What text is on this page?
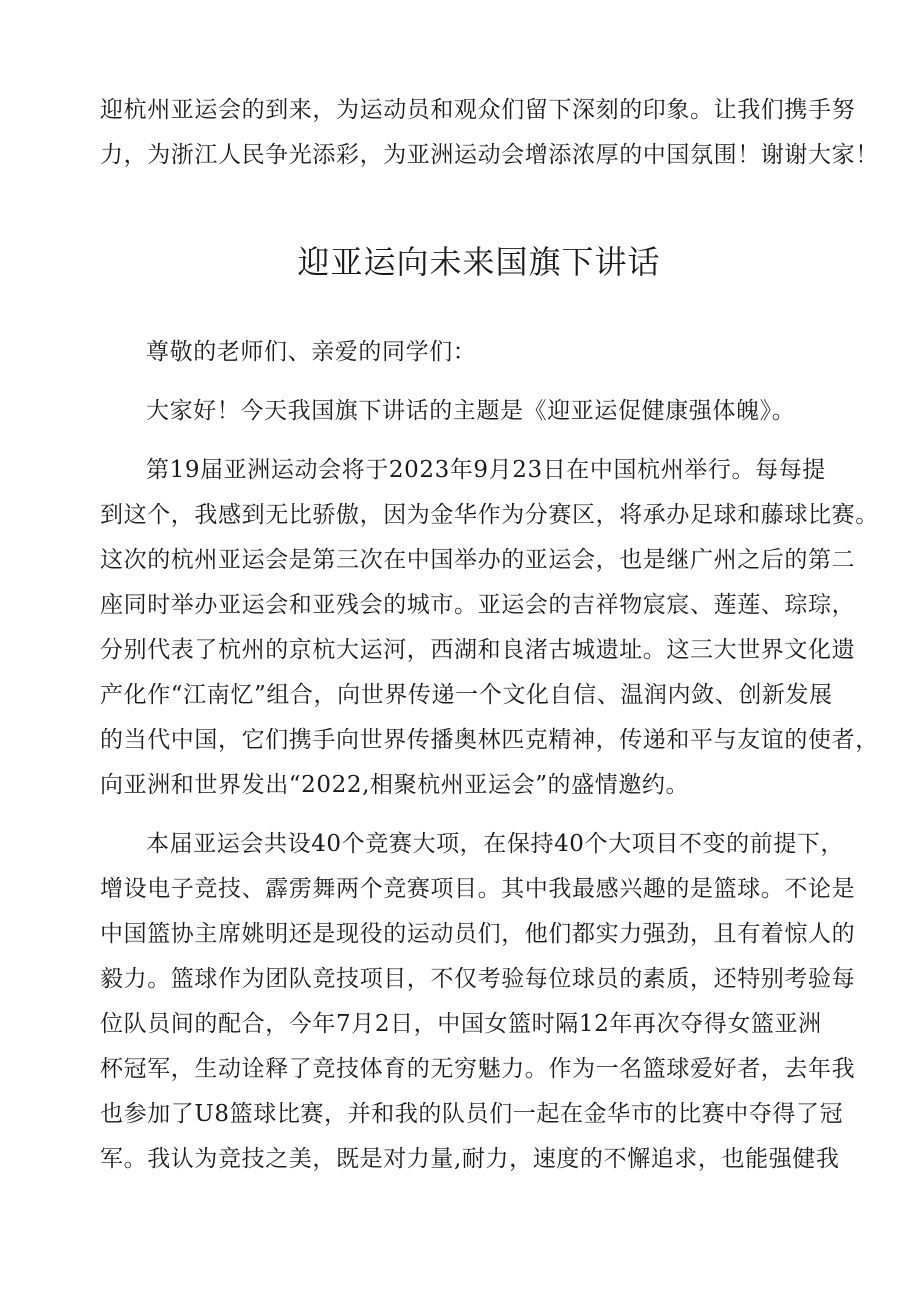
迎杭州亚运会的到来，为运动员和观众们留下深刻的印象。让我们携手努
力，为浙江人民争光添彩，为亚洲运动会增添浓厚的中国氛围！谢谢大家！
迎亚运向未来国旗下讲话
尊敬的老师们、亲爱的同学们：
大家好！今天我国旗下讲话的主题是《迎亚运促健康强体魄》。
第19届亚洲运动会将于2023年9月23日在中国杭州举行。每每提
到这个，我感到无比骄傲，因为金华作为分赛区，将承办足球和藤球比赛。
这次的杭州亚运会是第三次在中国举办的亚运会，也是继广州之后的第二
座同时举办亚运会和亚残会的城市。亚运会的吉祥物宸宸、莲莲、琮琮，
分别代表了杭州的京杭大运河，西湖和良渚古城遗址。这三大世界文化遗
产化作“江南忆”组合，向世界传递一个文化自信、温润内敛、创新发展
的当代中国，它们携手向世界传播奥林匹克精神，传递和平与友谊的使者，
向亚洲和世界发出“2022,相聚杭州亚运会”的盛情邀约。
本届亚运会共设40个竞赛大项，在保持40个大项目不变的前提下，
增设电子竞技、霹雳舞两个竞赛项目。其中我最感兴趣的是篮球。不论是
中国篮协主席姚明还是现役的运动员们，他们都实力强劲，且有着惊人的
毅力。篮球作为团队竞技项目，不仅考验每位球员的素质，还特别考验每
位队员间的配合，今年7月2日，中国女篮时隔12年再次夺得女篮亚洲
杯冠军，生动诠释了竞技体育的无穷魅力。作为一名篮球爱好者，去年我
也参加了U8篮球比赛，并和我的队员们一起在金华市的比赛中夺得了冠
军。我认为竞技之美，既是对力量,耐力，速度的不懈追求，也能强健我
